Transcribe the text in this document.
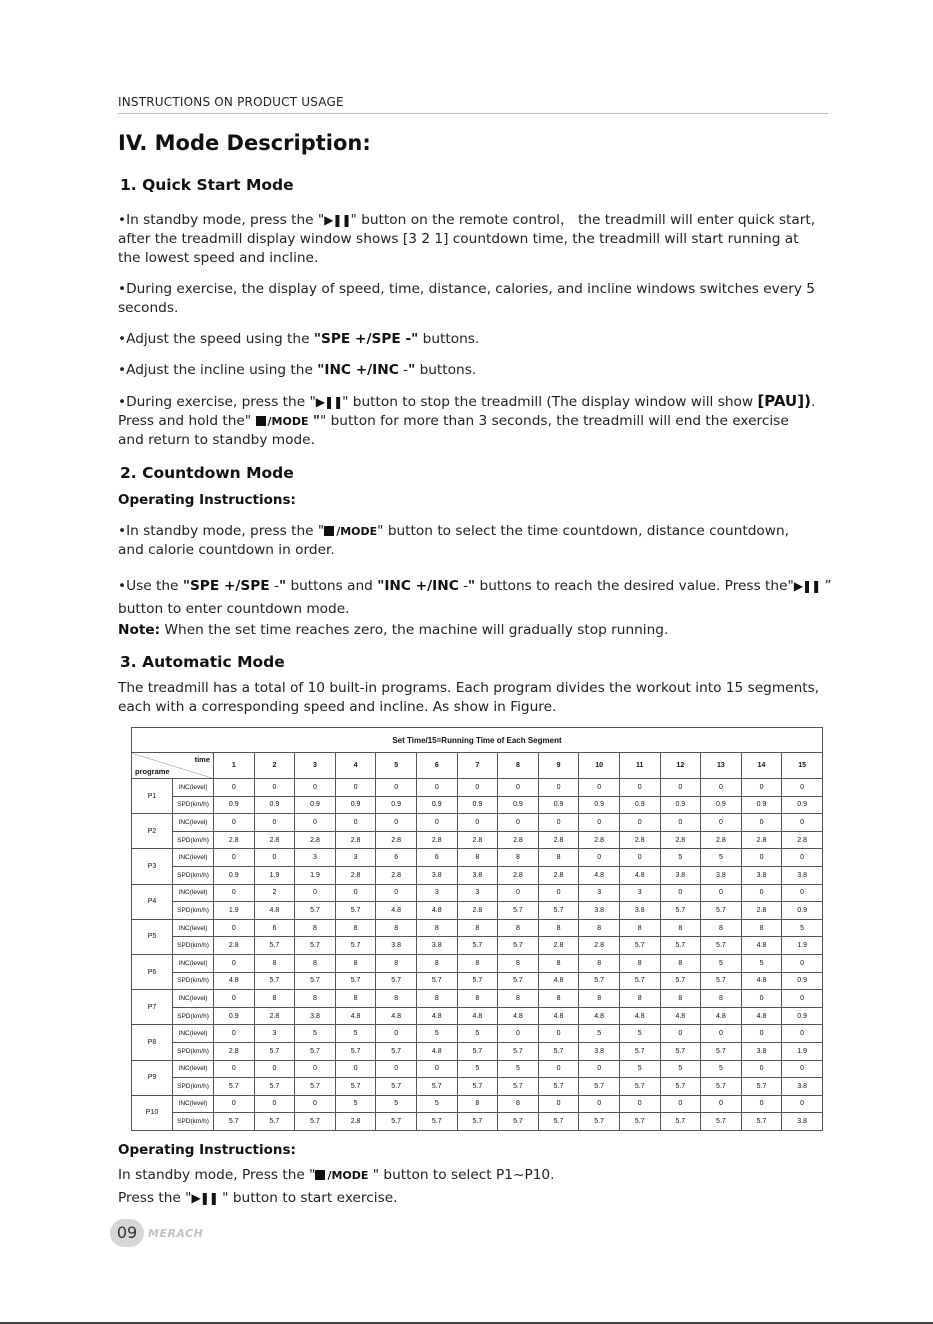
INSTRUCTIONS ON PRODUCT USAGE
IV. Mode Description:
1. Quick Start Mode
•In standby mode, press the "▶❚❚" button on the remote control， the treadmill will enter quick start,
after the treadmill display window shows [3 2 1] countdown time, the treadmill will start running at
the lowest speed and incline.
•During exercise, the display of speed, time, distance, calories, and incline windows switches every 5
seconds.
•Adjust the speed using the "SPE +/SPE -" buttons.
•Adjust the incline using the "INC +/INC -" buttons.
•During exercise, press the "▶❚❚" button to stop the treadmill (The display window will show [PAU]).
Press and hold the" /MODE "" button for more than 3 seconds, the treadmill will end the exercise
and return to standby mode.
2. Countdown Mode
Operating Instructions:
•In standby mode, press the " /MODE" button to select the time countdown, distance countdown,
and calorie countdown in order.
•Use the "SPE +/SPE -" buttons and "INC +/INC -" buttons to reach the desired value. Press the"▶❚❚ ”
button to enter countdown mode.
Note: When the set time reaches zero, the machine will gradually stop running.
3. Automatic Mode
The treadmill has a total of 10 built-in programs. Each program divides the workout into 15 segments,
each with a corresponding speed and incline. As show in Figure.
Set Time/15=Running Time of Each Segment																

time
programe		1	2	3	4	5	6	7	8	9	10	11	12	13	14	15
P1	INC(level)	0	0	0	0	0	0	0	0	0	0	0	0	0	0	0
	SPD(km/h)	0.9	0.9	0.9	0.9	0.9	0.9	0.9	0.9	0.9	0.9	0.9	0.9	0.9	0.9	0.9
P2	INC(level)	0	0	0	0	0	0	0	0	0	0	0	0	0	0	0
	SPD(km/h)	2.8	2.8	2.8	2.8	2.8	2.8	2.8	2.8	2.8	2.8	2.8	2.8	2.8	2.8	2.8
P3	INC(level)	0	0	3	3	6	6	8	8	8	0	0	5	5	0	0
	SPD(km/h)	0.9	1.9	1.9	2.8	2.8	3.8	3.8	2.8	2.8	4.8	4.8	3.8	3.8	3.8	3.8
P4	INC(level)	0	2	0	0	0	3	3	0	0	3	3	0	0	0	0
	SPD(km/h)	1.9	4.8	5.7	5.7	4.8	4.8	2.8	5.7	5.7	3.8	3.8	5.7	5.7	2.8	0.9
P5	INC(level)	0	6	8	8	8	8	8	8	8	8	8	8	8	8	5
	SPD(km/h)	2.8	5.7	5.7	5.7	3.8	3.8	5.7	5.7	2.8	2.8	5.7	5.7	5.7	4.8	1.9
P6	INC(level)	0	8	8	8	8	8	8	8	8	8	8	8	5	5	0
	SPD(km/h)	4.8	5.7	5.7	5.7	5.7	5.7	5.7	5.7	4.8	5.7	5.7	5.7	5.7	4.8	0.9
P7	INC(level)	0	8	8	8	8	8	8	8	8	8	8	8	8	0	0
	SPD(km/h)	0.9	2.8	3.8	4.8	4.8	4.8	4.8	4.8	4.8	4.8	4.8	4.8	4.8	4.8	0.9
P8	INC(level)	0	3	5	5	0	5	5	0	0	5	5	0	0	0	0
	SPD(km/h)	2.8	5.7	5.7	5.7	5.7	4.8	5.7	5.7	5.7	3.8	5.7	5.7	5.7	3.8	1.9
P9	INC(level)	0	0	0	0	0	0	5	5	0	0	5	5	5	0	0
	SPD(km/h)	5.7	5.7	5.7	5.7	5.7	5.7	5.7	5.7	5.7	5.7	5.7	5.7	5.7	5.7	3.8
P10	INC(level)	0	0	0	5	5	5	8	8	0	0	0	0	0	0	0
	SPD(km/h)	5.7	5.7	5.7	2.8	5.7	5.7	5.7	5.7	5.7	5.7	5.7	5.7	5.7	5.7	3.8
Operating Instructions:
In standby mode, Press the " /MODE " button to select P1~P10.
Press the "▶❚❚ " button to start exercise.
09 MERACH
